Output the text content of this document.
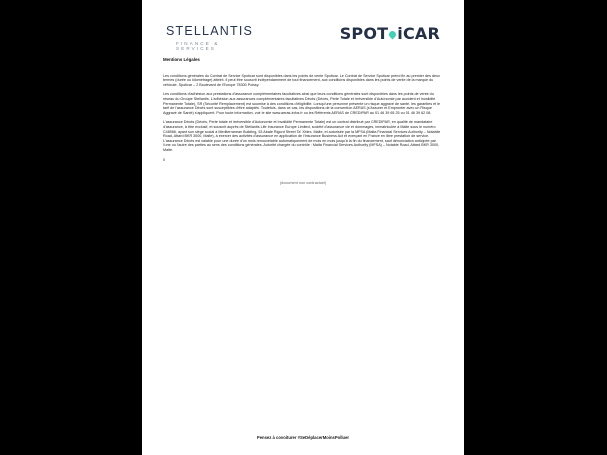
STELLANTIS
FINANCE & SERVICES
SPOT iCAR
Mentions Légales

Les conditions générales du Contrat de Service Spoticar sont disponibles dans les points de vente Spoticar. Le Contrat de Service Spoticar prend fin au premier des deux termes (durée ou kilométrage) atteint. Il peut être souscrit indépendamment de tout financement, aux conditions disponibles dans les points de vente de la marque du véhicule. Spoticar – 2 Boulevard de l'Europe 78300 Poissy.

Les conditions d'adhésion aux prestations d'assurance complémentaires facultatives ainsi que leurs conditions générales sont disponibles dans les points de vente du réseau du Groupe Stellantis. L'adhésion aux assurances complémentaires facultatives Décès (Décès, Perte Totale et Irréversible d'Autonomie par accident et Invalidité Permanente Totale), SR (Sécurité Remplacement) est soumise à des conditions d'éligibilité. Lorsqu'une personne présente un risque aggravé de santé, les garanties et le tarif de l'assurance Décès sont susceptibles d'être adaptés. Toutefois, dans ce cas, les dispositions de la convention AERAS (s'Assurer et Emprunter avec un Risque Aggravé de Santé) s'appliquent. Pour toute information, voir le site www.aeras-infos.fr ou les Référents AERAS de CREDIPAR au 01 46 39 65 25 ou 01 46 39 62 08.

L'assurance Décès (Décès, Perte totale et irréversible d'Autonomie et Invalidité Permanente Totale) est un contrat distribué par CREDIPAR, en qualité de mandataire d'assurance, à titre exclusif, et souscrit auprès de Stellantis Life Insurance Europe Limited, société d'assurance vie et dommages, immatriculée à Malte sous le numéro C48966, ayant son siège social à Mediterranean Building, 53 Abate Rigord Street Ta' Xbiex, Malte, et autorisée par la MFSA (Malta Financial Services Authority – Notabile Road, Attard BKR 3000, Malte), à exercer des activités d'assurance en application de l'Insurance Business Act et exerçant en France en libre prestation de service. L'assurance Décès est valable pour une durée d'un mois renouvelable automatiquement de mois en mois jusqu'à la fin du financement, sauf dénonciation anticipée par l'une ou l'autre des parties au sens des conditions générales. Autorité chargée du contrôle : Malta Financial Services Authority (MFSA) – Notable Road, Attard BKR 3000, Malte.

0

(document non contractuel)
Pensez à covoiturer #SeDéplacerMoinsPolluer
